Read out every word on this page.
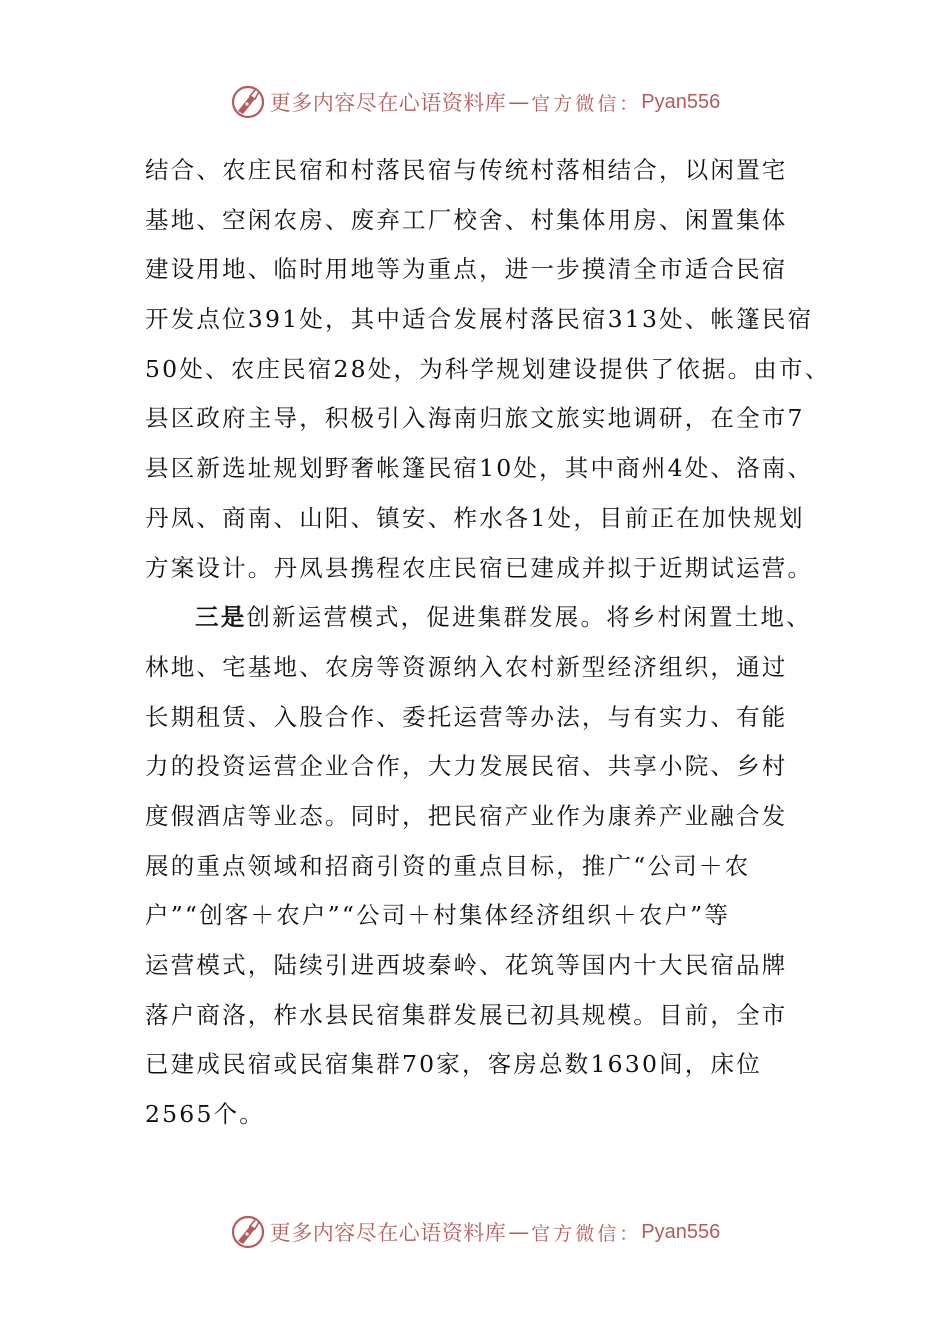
更多内容尽在心语资料库 — 官方微信： Pyan556
结合、农庄民宿和村落民宿与传统村落相结合，以闲置宅
基地、空闲农房、废弃工厂校舍、村集体用房、闲置集体
建设用地、临时用地等为重点，进一步摸清全市适合民宿
开发点位391处，其中适合发展村落民宿313处、帐篷民宿
50处、农庄民宿28处，为科学规划建设提供了依据。由市、
县区政府主导，积极引入海南归旅文旅实地调研，在全市7
县区新选址规划野奢帐篷民宿10处，其中商州4处、洛南、
丹凤、商南、山阳、镇安、柞水各1处，目前正在加快规划
方案设计。丹凤县携程农庄民宿已建成并拟于近期试运营。
三是创新运营模式，促进集群发展。将乡村闲置土地、
林地、宅基地、农房等资源纳入农村新型经济组织，通过
长期租赁、入股合作、委托运营等办法，与有实力、有能
力的投资运营企业合作，大力发展民宿、共享小院、乡村
度假酒店等业态。同时，把民宿产业作为康养产业融合发
展的重点领域和招商引资的重点目标，推广“公司＋农
户”“创客＋农户”“公司＋村集体经济组织＋农户”等
运营模式，陆续引进西坡秦岭、花筑等国内十大民宿品牌
落户商洛，柞水县民宿集群发展已初具规模。目前，全市
已建成民宿或民宿集群70家，客房总数1630间，床位
2565个。
更多内容尽在心语资料库 — 官方微信： Pyan556
